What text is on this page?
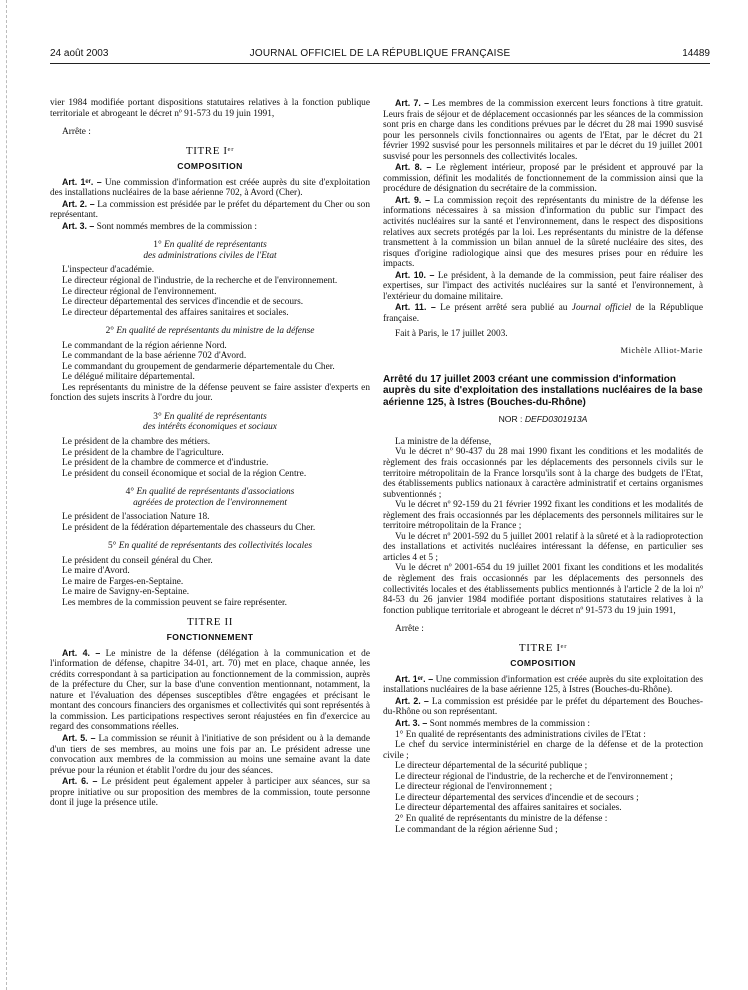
24 août 2003	JOURNAL OFFICIEL DE LA RÉPUBLIQUE FRANÇAISE	14489

vier 1984 modifiée portant dispositions statutaires relatives à la fonction publique territoriale et abrogeant le décret nº 91-573 du 19 juin 1991,

Arrête :

TITRE Iᵉʳ
COMPOSITION

Art. 1ᵉʳ. – Une commission d'information est créée auprès du site d'exploitation des installations nucléaires de la base aérienne 702, à Avord (Cher).

Art. 2. – La commission est présidée par le préfet du département du Cher ou son représentant.

Art. 3. – Sont nommés membres de la commission :

1° En qualité de représentants
des administrations civiles de l'Etat

L'inspecteur d'académie.

Le directeur régional de l'industrie, de la recherche et de l'environnement.

Le directeur régional de l'environnement.

Le directeur départemental des services d'incendie et de secours.

Le directeur départemental des affaires sanitaires et sociales.

2° En qualité de représentants du ministre de la défense

Le commandant de la région aérienne Nord.

Le commandant de la base aérienne 702 d'Avord.

Le commandant du groupement de gendarmerie départementale du Cher.

Le délégué militaire départemental.

Les représentants du ministre de la défense peuvent se faire assister d'experts en fonction des sujets inscrits à l'ordre du jour.

3° En qualité de représentants
des intérêts économiques et sociaux

Le président de la chambre des métiers.

Le président de la chambre de l'agriculture.

Le président de la chambre de commerce et d'industrie.

Le président du conseil économique et social de la région Centre.

4° En qualité de représentants d'associations
agréées de protection de l'environnement

Le président de l'association Nature 18.

Le président de la fédération départementale des chasseurs du Cher.

5° En qualité de représentants des collectivités locales

Le président du conseil général du Cher.

Le maire d'Avord.

Le maire de Farges-en-Septaine.

Le maire de Savigny-en-Septaine.

Les membres de la commission peuvent se faire représenter.

TITRE II
FONCTIONNEMENT

Art. 4. – Le ministre de la défense (délégation à la communication et de l'information de défense, chapitre 34-01, art. 70) met en place, chaque année, les crédits correspondant à sa participation au fonctionnement de la commission, auprès de la préfecture du Cher, sur la base d'une convention mentionnant, notamment, la nature et l'évaluation des dépenses susceptibles d'être engagées et précisant le montant des concours financiers des organismes et collectivités qui sont représentés à la commission. Les participations respectives seront réajustées en fin d'exercice au regard des consommations réelles.

Art. 5. – La commission se réunit à l'initiative de son président ou à la demande d'un tiers de ses membres, au moins une fois par an. Le président adresse une convocation aux membres de la commission au moins une semaine avant la date prévue pour la réunion et établit l'ordre du jour des séances.

Art. 6. – Le président peut également appeler à participer aux séances, sur sa propre initiative ou sur proposition des membres de la commission, toute personne dont il juge la présence utile.

Art. 7. – Les membres de la commission exercent leurs fonctions à titre gratuit. Leurs frais de séjour et de déplacement occasionnés par les séances de la commission sont pris en charge dans les conditions prévues par le décret du 28 mai 1990 susvisé pour les personnels civils fonctionnaires ou agents de l'Etat, par le décret du 21 février 1992 susvisé pour les personnels militaires et par le décret du 19 juillet 2001 susvisé pour les personnels des collectivités locales.

Art. 8. – Le règlement intérieur, proposé par le président et approuvé par la commission, définit les modalités de fonctionnement de la commission ainsi que la procédure de désignation du secrétaire de la commission.

Art. 9. – La commission reçoit des représentants du ministre de la défense les informations nécessaires à sa mission d'information du public sur l'impact des activités nucléaires sur la santé et l'environnement, dans le respect des dispositions relatives aux secrets protégés par la loi. Les représentants du ministre de la défense transmettent à la commission un bilan annuel de la sûreté nucléaire des sites, des risques d'origine radiologique ainsi que des mesures prises pour en réduire les impacts.

Art. 10. – Le président, à la demande de la commission, peut faire réaliser des expertises, sur l'impact des activités nucléaires sur la santé et l'environnement, à l'extérieur du domaine militaire.

Art. 11. – Le présent arrêté sera publié au Journal officiel de la République française.

Fait à Paris, le 17 juillet 2003.

Michèle Alliot-Marie
Arrêté du 17 juillet 2003 créant une commission d'information auprès du site d'exploitation des installations nucléaires de la base aérienne 125, à Istres (Bouches-du-Rhône)
NOR : DEFD0301913A

La ministre de la défense,

Vu le décret nº 90-437 du 28 mai 1990 fixant les conditions et les modalités de règlement des frais occasionnés par les déplacements des personnels civils sur le territoire métropolitain de la France lorsqu'ils sont à la charge des budgets de l'Etat, des établissements publics nationaux à caractère administratif et certains organismes subventionnés ;

Vu le décret nº 92-159 du 21 février 1992 fixant les conditions et les modalités de règlement des frais occasionnés par les déplacements des personnels militaires sur le territoire métropolitain de la France ;

Vu le décret nº 2001-592 du 5 juillet 2001 relatif à la sûreté et à la radioprotection des installations et activités nucléaires intéressant la défense, en particulier ses articles 4 et 5 ;

Vu le décret nº 2001-654 du 19 juillet 2001 fixant les conditions et les modalités de règlement des frais occasionnés par les déplacements des personnels des collectivités locales et des établissements publics mentionnés à l'article 2 de la loi nº 84-53 du 26 janvier 1984 modifiée portant dispositions statutaires relatives à la fonction publique territoriale et abrogeant le décret nº 91-573 du 19 juin 1991,

Arrête :

TITRE Iᵉʳ
COMPOSITION

Art. 1ᵉʳ. – Une commission d'information est créée auprès du site exploitation des installations nucléaires de la base aérienne 125, à Istres (Bouches-du-Rhône).

Art. 2. – La commission est présidée par le préfet du département des Bouches-du-Rhône ou son représentant.

Art. 3. – Sont nommés membres de la commission :

1° En qualité de représentants des administrations civiles de l'Etat :

Le chef du service interministériel en charge de la défense et de la protection civile ;

Le directeur départemental de la sécurité publique ;

Le directeur régional de l'industrie, de la recherche et de l'environnement ;

Le directeur régional de l'environnement ;

Le directeur départemental des services d'incendie et de secours ;

Le directeur départemental des affaires sanitaires et sociales.

2° En qualité de représentants du ministre de la défense :

Le commandant de la région aérienne Sud ;
